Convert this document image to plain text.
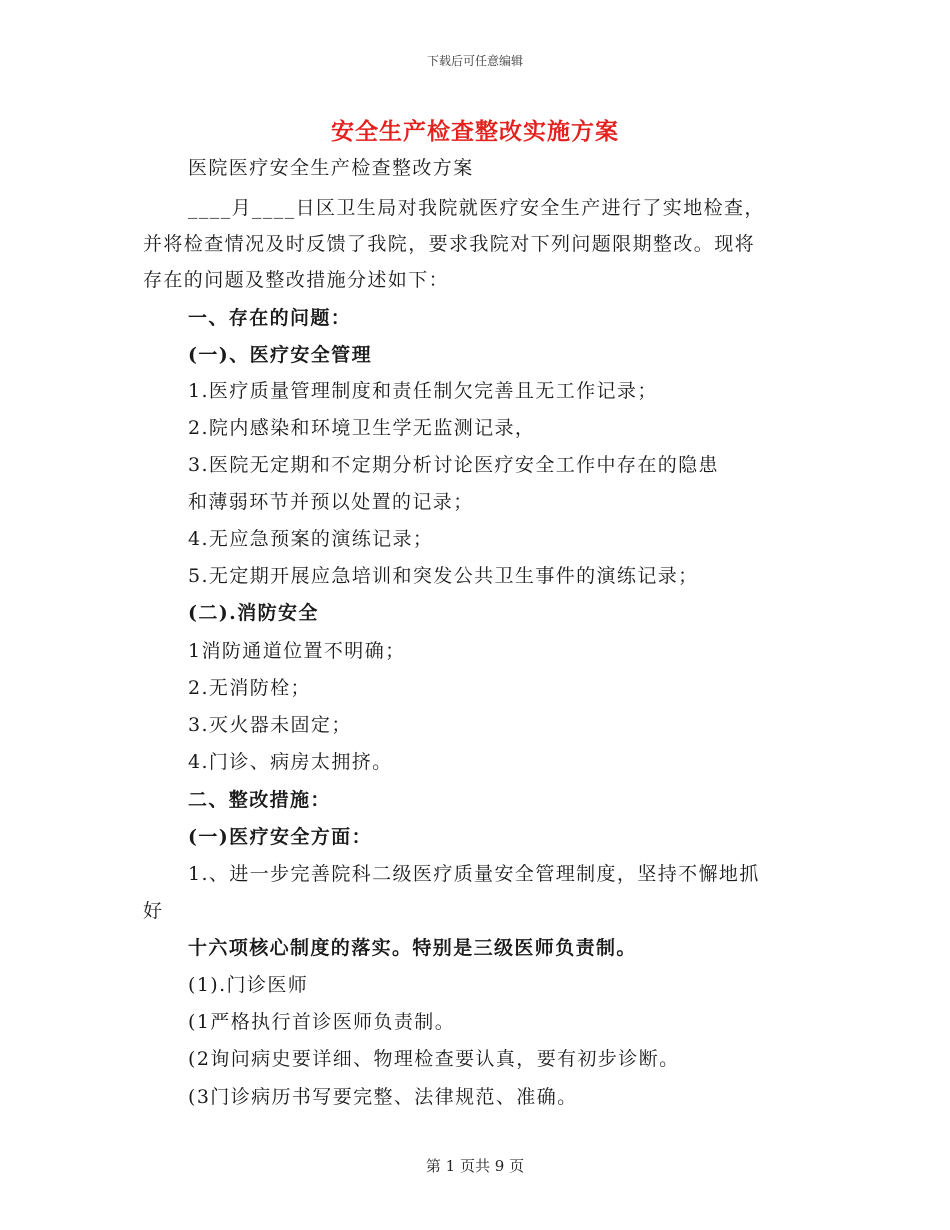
下载后可任意编辑
安全生产检查整改实施方案
医院医疗安全生产检查整改方案
____月____日区卫生局对我院就医疗安全生产进行了实地检查，
并将检查情况及时反馈了我院，要求我院对下列问题限期整改。现将
存在的问题及整改措施分述如下：
一、存在的问题：
(一)、医疗安全管理
1.医疗质量管理制度和责任制欠完善且无工作记录；
2.院内感染和环境卫生学无监测记录，
3.医院无定期和不定期分析讨论医疗安全工作中存在的隐患
和薄弱环节并预以处置的记录；
4.无应急预案的演练记录；
5.无定期开展应急培训和突发公共卫生事件的演练记录；
(二).消防安全
1消防通道位置不明确；
2.无消防栓；
3.灭火器未固定；
4.门诊、病房太拥挤。
二、整改措施：
(一)医疗安全方面：
1.、进一步完善院科二级医疗质量安全管理制度，坚持不懈地抓
好
十六项核心制度的落实。特别是三级医师负责制。
(1).门诊医师
(1严格执行首诊医师负责制。
(2询问病史要详细、物理检查要认真，要有初步诊断。
(3门诊病历书写要完整、法律规范、准确。
第 1 页共 9 页
